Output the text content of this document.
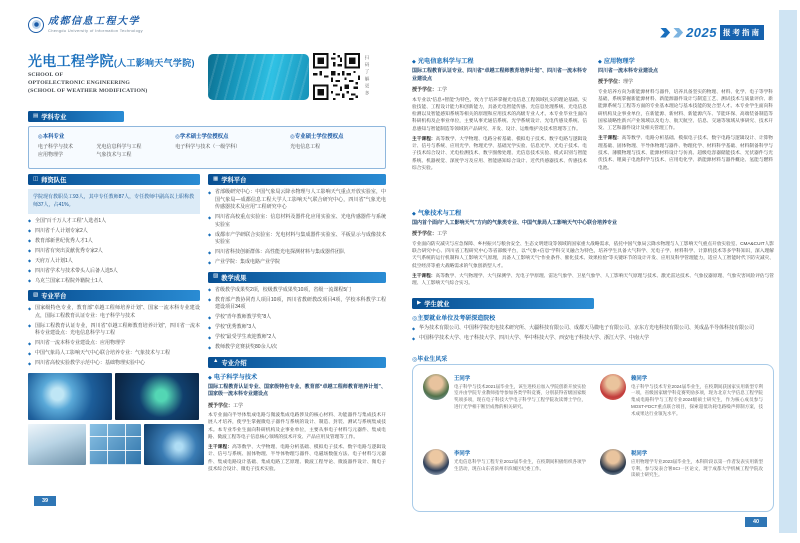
成都信息工程大学
Chengdu University of Information Technology
光电工程学院(人工影响天气学院)
SCHOOL OF
OPTOELECTRONIC ENGINEERING
(SCHOOL OF WEATHER MODIFICATION)	扫码了解更多
▤ 学科专业
◎本科专业
电子科学与技术	光电信息科学与工程
应用物理学	气象技术与工程
◎学术硕士学位授权点
电子科学与技术（一级学科）
◎专业硕士学位授权点
光电信息工程
◫ 师资队伍
学院现有教职员工93人，其中专任教师87人，专任教师中副高以上职称教师37人，占41%。
◆ 全国“百千万人才工程”人选者1人
◆ 四川省千人计划专家2人
◆ 教育部新世纪优秀人才1人
◆ 四川省有突出贡献优秀专家2人
◆ 天府万人计划1人
◆ 四川省学术与技术带头人后备人选5人
◆ 乌克兰国家工程院外籍院士1人
▧ 专业平台
◆ 国家级特色专业，教育部“卓越工程师培养计划”、国家一流本科专业建设点，国际工程教育认证专业：电子科学与技术
◆ 国际工程教育认证专业，四川省“卓越工程师教育培养计划”，四川省一流本科专业建设点：光电信息科学与工程
◆ 四川省一流本科专业建设点：应用物理学
◆ 中国气象局人工影响天气中心联合培养专业：气象技术与工程
◆ 四川省高校实验教学示范中心：基础物理实验中心
▦ 学科平台
◆ 省部级研究中心：中国气象局云降水物理与人工影响天气重点开放实验室，中国气象局—成都信息工程大学人工影响天气联合研究中心，四川省“气象光电传感器技术及应用”工程研究中心
◆ 四川省高校重点实验室：信息材料及器件化应用实验室、光电传感器件与系统实验室
◆ 成都市产学研联合实验室：光电材料与集成器件实验室、平板显示与成像技术实验室
◆ 四川省科技创新群体：高性能光电探测材料与集成器件团队
◆ 产业学院：集成电路产业学院
▨ 教学成果
◆ 省级教学成果奖2项，校级教学成果奖10项，省级一流课程5门
◆ 教育部产教协同育人项目10项，四川省教研教改项目4项，学校本科教学工程建设项目34项
◆ 学校“青年教师教学奖”8人
◆ 学校“优秀教师”3人
◆ 学校“最受学生欢迎教师”2人
◆ 教师教学竞赛获奖80余人/次
▲ 专业介绍
◆ 电子科学与技术
国际工程教育认证专业、国家级特色专业、教育部“卓越工程师教育培养计划”、国家级一流本科专业建设点

授予学位：工学

本专业面向半导体集成电路与微波集成电路涉及的核心材料、功能器件与集成技术开展人才培养，使学生掌握微电子器件与系统的设计、制造、封装、测试与系统集成技术。本专业毕业生面向科研机构及企事业单位，主要从事电子材料与元器件、集成电路、微波工程等电子信息核心领域的技术开发、产品应用及管理等工作。

主干课程：高等数学、大学物理、电路分析基础、模拟电子技术、数字电路与逻辑设计、信号与系统、固体物理、半导体物理与器件、电磁场数值方法、电子材料与元器件、集成电路设计基础、集成电路工艺原理、微波工程导论、微波器件设计、微电子技术综合设计、微电子技术实验。

39
2025 报考指南
◆ 光电信息科学与工程
国际工程教育认证专业、四川省“卓越工程师教育培养计划”、四川省一流本科专业建设点

授予学位：工学

本专业以“信息+智能”为特色，致力于培养掌握光电信息工程领域扎实的理论基础、实验技能、工程设计能力和创新能力，具备光电智能传感、光信息处理系统、光电信息检测以及智能感知系统等相关的原理和应用技术的高级专业人才。本专业毕业生面向科研机构及企事业单位，主要从事光通信系统、光学系统设计、光电传感及系统、信息感知与智能制造等领域的产品研究、开发、设计、运维维护及技术管理等工作。

主干课程：高等数学、大学物理、电路分析基础、模拟电子技术、数字电路与逻辑设计、信号与系统、应用光学、物理光学、基础光学实验、信息光学、光电子技术、电子技术综合设计、光电检测技术、数字图像处理、光信息技术实验、模式识别与智能系统、机器视觉、深度学习及应用、智能感知综合设计、近代传感器技术、传感技术综合实验。

◆ 应用物理学
四川省一流本科专业建设点

授予学位：理学

专业培养方向为新能源材料与器件，培养具备坚实的物理、材料、化学、电子等学科基础，系统掌握新能源材料、新能源器件设计与制造工艺、测试技术与质量评价、新能源系统与工程等方面的专业基本理论与基本技能的复合型人才。本专业学生面向科研机构及企事业单位，在新能源、新材料、新能源汽车、节能环保、高端装备制造等国家战略性新兴产业领域以及电力、航天航空、信息、交通等领域从事研究、技术开发、工艺和器件设计及相关管理工作。

主干课程：高等数学、电路分析基础、模拟电子技术、数字电路与逻辑设计、计算物理基础、固体物理、半导体物理与器件、物理化学、材料科学基础、材料制备科学与技术、薄膜物理与技术、能源材料设计与仿真、超级电容器储能技术、光伏器件与光伏技术、锂离子电池科学与技术、应用电化学、新能源材料与器件概论、氢能与燃料电池。

◆ 气象技术与工程
国内首个面向“人工影响天气”方向的气象类专业、中国气象局人工影响天气中心联合培养专业

授予学位：工学

专业面向防灾减灾与应急保障、乡村振兴与粮食安全、生态文明建设等领域的国家重大战略需求，依托中国气象局云降水物理与人工影响天气重点开放实验室、CMA&CUIT人影联合研究中心、四川省工程研究中心等省部级平台，以“气象+信息”学科交叉融合为特色，培养学生具备大气科学、光电子学、材料科学、计算机技术等多学科知识，深入理解天气系统的运行机制和人工影响天气原理，具备人工影响天气“作业条件、催化技术、效果检验”等关键环节的设计开发、应用及科学管理能力，适应人工智能时代下防灾减灾、低空经济等重大战略需求的气象创新型人才。

主干课程：高等数学、大气物理学、大气探测学、光电子学原理、雷达气象学、卫星气象学、人工影响天气原理与技术、激光雷达技术、气象仪器原理、气象灾害风险评估与管理、人工影响天气综合实习。

▶ 学生就业
◎主要就业单位及考研深造院校
◆ 华为技术有限公司、中国科学院光电技术研究所、大疆科技有限公司、成都天马微电子有限公司、京东方光电科技有限公司、英成晶半导体科技有限公司
◆ 中国科学技术大学、电子科技大学、四川大学、华中科技大学、西安电子科技大学、浙江大学、中南大学
◎毕业生风采
王同学
电子科学与技术2021届毕业生，该生进校后加入学院创新开放实验室并由学院专业教师指导参加各类学科竞赛，分别获得省级国家级奖项多项，现在电子科技大学电子科学与工程学院攻读博士学位，进行光学相干断层成像的相关研究。
赖同学
电子科学与技术专业2024届毕业生，在校期间获国家实用新型专利一项，省级国家级学科竞赛奖励多项，现为北京大学信息工程学院集成电路科学与工程专业2024级硕士研究生，作为核心成员参与MOST-FDCT重点联合项目，探索超低功耗电路噪声抑制方案，技术成果达行业领先水平。
李同学
光电信息科学与工程专业2012届毕业生，在校期间积极组织各项学生活动，现在山东省滨州市滨城区纪委工作。
税同学
应用物理学专业2023届毕业生，本科阶段以第一作者发表实用新型专利，参与发表合署SCI一区论文，现于成都大学机械工程学院攻读硕士研究生。
40
